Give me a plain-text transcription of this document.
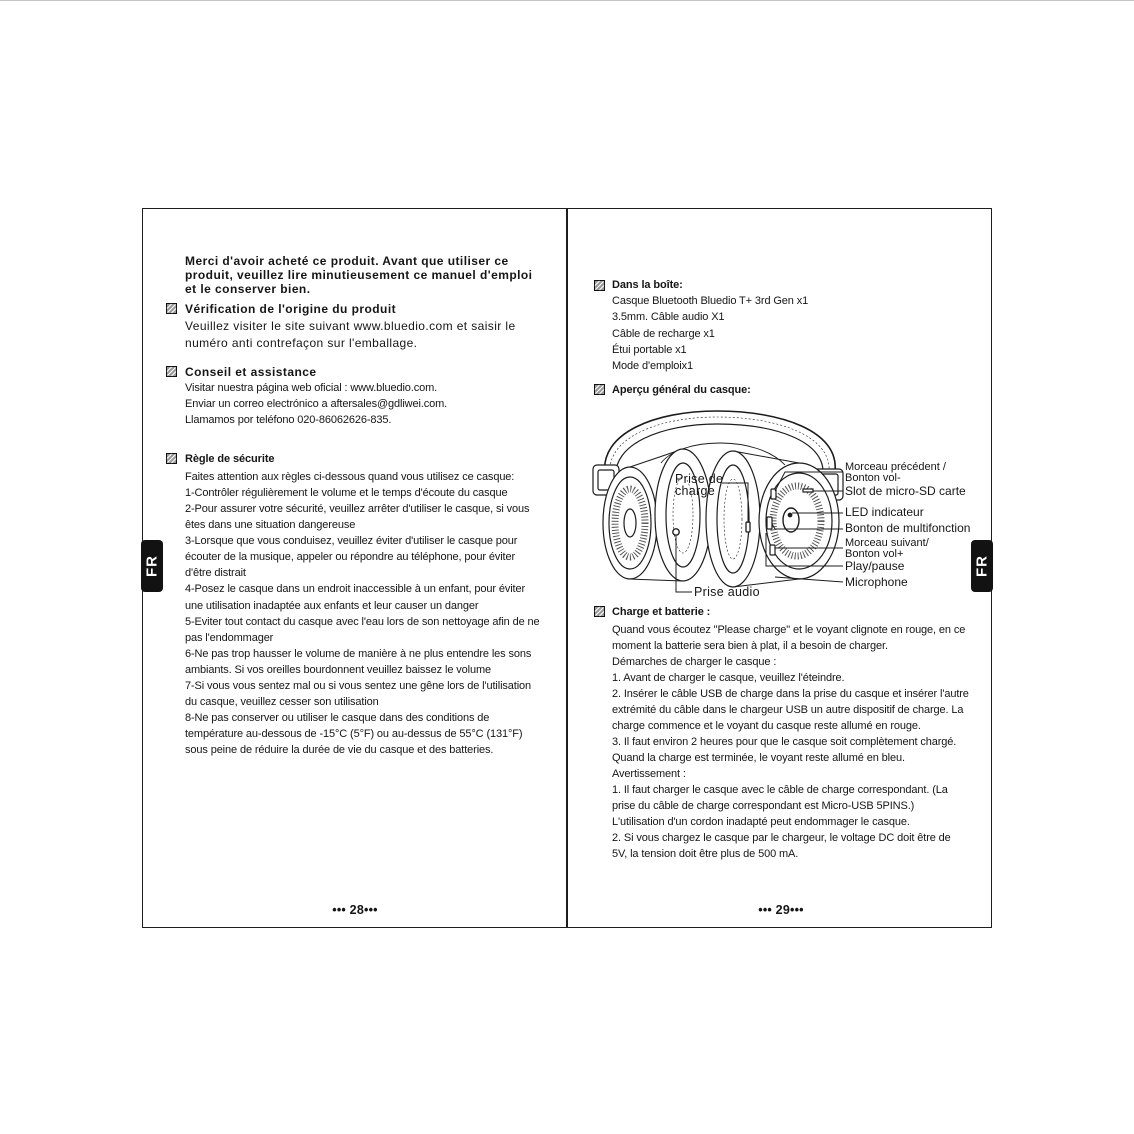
Merci d'avoir acheté ce produit. Avant que utiliser ce
produit, veuillez lire minutieusement ce manuel d'emploi
et le conserver bien.
Vérification de l'origine du produit
Veuillez visiter le site suivant www.bluedio.com et saisir le
numéro anti contrefaçon sur l'emballage.
Conseil et assistance
Visitar nuestra página web oficial : www.bluedio.com.
Enviar un correo electrónico a aftersales@gdliwei.com.
Llamamos por teléfono 020-86062626-835.
Règle de sécurite
Faites attention aux règles ci-dessous quand vous utilisez ce casque:
1-Contrôler régulièrement le volume et le temps d'écoute du casque
2-Pour assurer votre sécurité, veuillez arrêter d'utiliser le casque, si vous
êtes dans une situation dangereuse
3-Lorsque que vous conduisez, veuillez éviter d'utiliser le casque pour
écouter de la musique, appeler ou répondre au téléphone, pour éviter
d'être distrait
4-Posez le casque dans un endroit inaccessible à un enfant, pour éviter
une utilisation inadaptée aux enfants et leur causer un danger
5-Eviter tout contact du casque avec l'eau lors de son nettoyage afin de ne
pas l'endommager
6-Ne pas trop hausser le volume de manière à ne plus entendre les sons
ambiants. Si vos oreilles bourdonnent veuillez baissez le volume
7-Si vous vous sentez mal ou si vous sentez une gêne lors de l'utilisation
du casque, veuillez cesser son utilisation
8-Ne pas conserver ou utiliser le casque dans des conditions de
température au-dessous de -15°C (5°F) ou au-dessus de 55°C (131°F)
sous peine de réduire la durée de vie du casque et des batteries.
••• 28•••
FR
Dans la boîte:
Casque Bluetooth Bluedio T+ 3rd Gen x1
3.5mm. Câble audio X1
Câble de recharge x1
Étui portable x1
Mode d'emploix1
Aperçu général du casque:
Prise de
charge
Morceau précédent /
Bonton vol-
Slot de micro-SD carte
LED indicateur
Bonton de multifonction
Morceau suivant/
Bonton vol+
Play/pause
Microphone
Prise audio
Charge et batterie :
Quand vous écoutez "Please charge" et le voyant clignote en rouge, en ce
moment la batterie sera bien à plat, il a besoin de charger.
Démarches de charger le casque :
1. Avant de charger le casque, veuillez l'éteindre.
2. Insérer le câble USB de charge dans la prise du casque et insérer l'autre
extrémité du câble dans le chargeur USB un autre dispositif de charge. La
charge commence et le voyant du casque reste allumé en rouge.
3. Il faut environ 2 heures pour que le casque soit complètement chargé.
Quand la charge est terminée, le voyant reste allumé en bleu.
Avertissement :
1. Il faut charger le casque avec le câble de charge correspondant. (La
prise du câble de charge correspondant est Micro-USB 5PINS.)
L'utilisation d'un cordon inadapté peut endommager le casque.
2. Si vous chargez le casque par le chargeur, le voltage DC doit être de
5V, la tension doit être plus de 500 mA.
••• 29•••
FR
